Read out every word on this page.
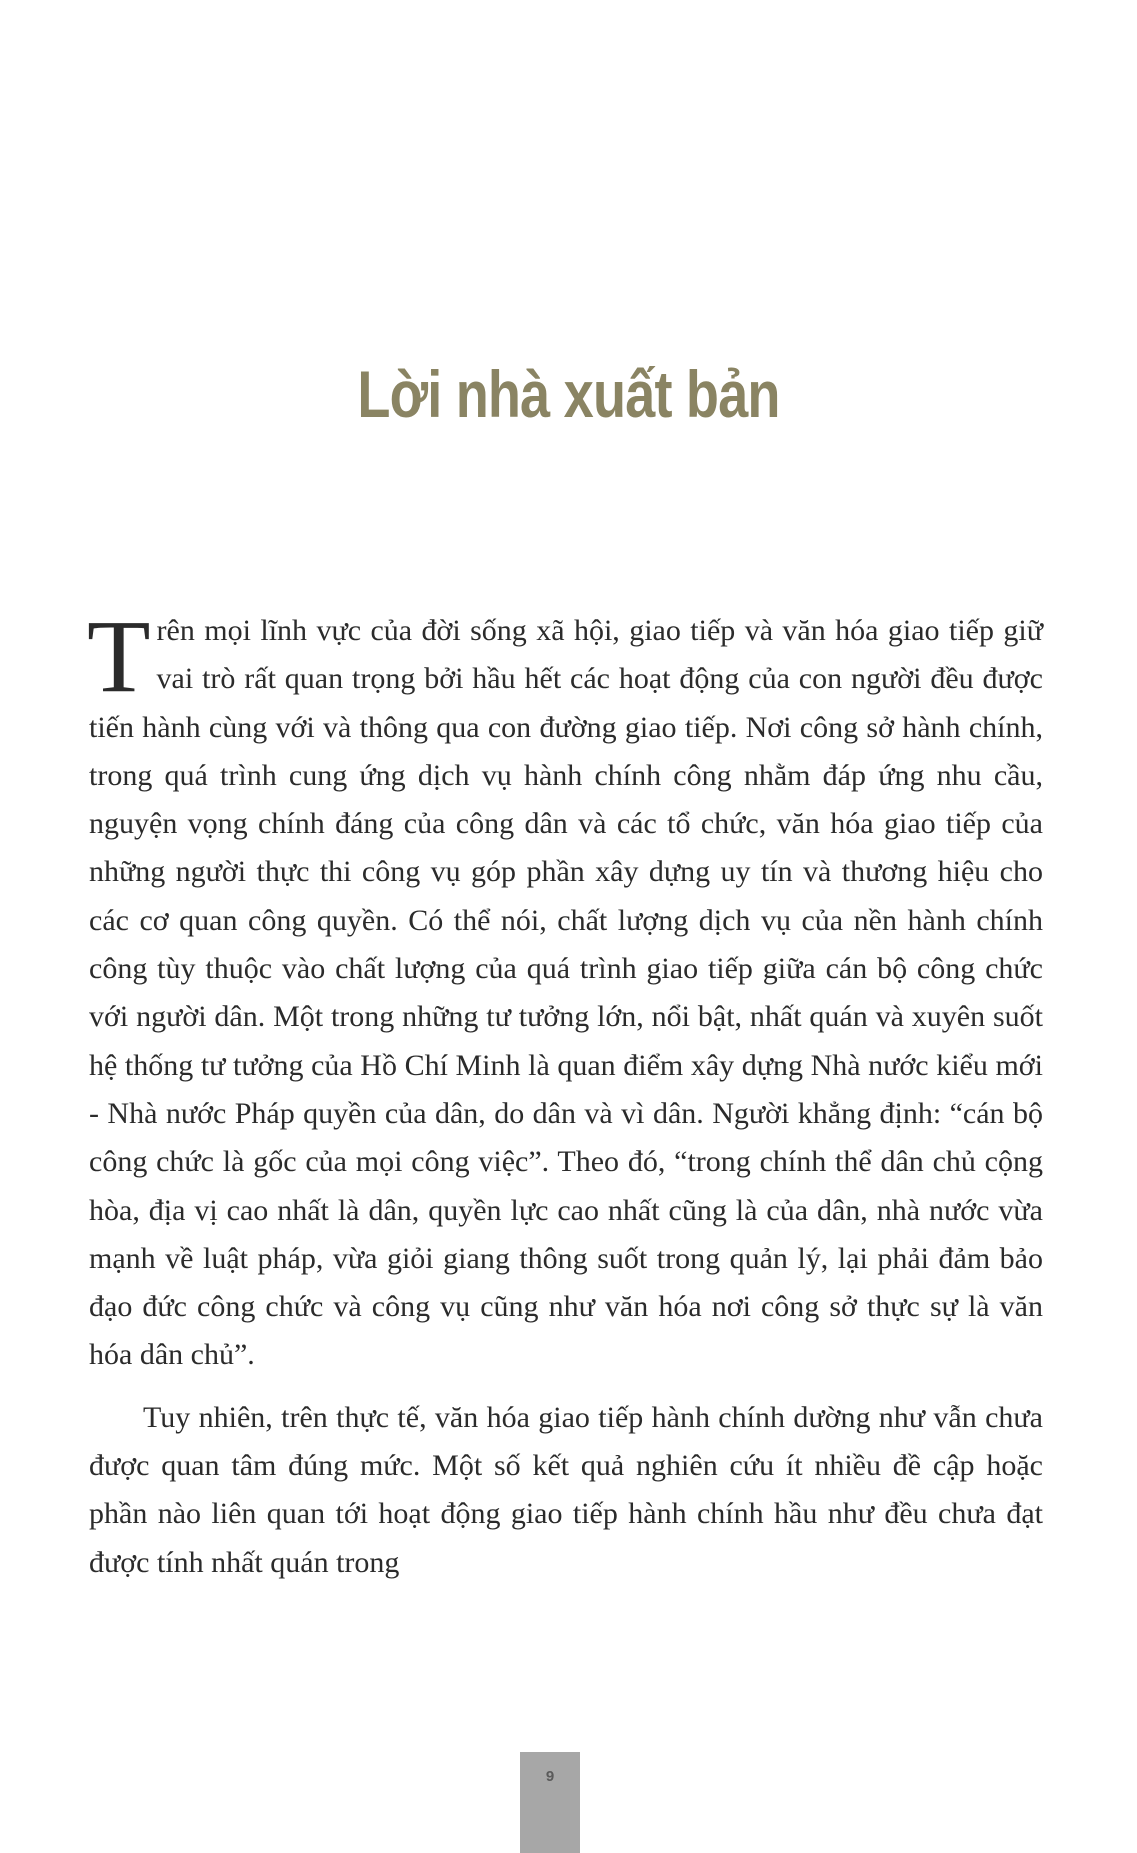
Lời nhà xuất bản

Trên mọi lĩnh vực của đời sống xã hội, giao tiếp và văn hóa giao tiếp giữ vai trò rất quan trọng bởi hầu hết các hoạt động của con người đều được tiến hành cùng với và thông qua con đường giao tiếp. Nơi công sở hành chính, trong quá trình cung ứng dịch vụ hành chính công nhằm đáp ứng nhu cầu, nguyện vọng chính đáng của công dân và các tổ chức, văn hóa giao tiếp của những người thực thi công vụ góp phần xây dựng uy tín và thương hiệu cho các cơ quan công quyền. Có thể nói, chất lượng dịch vụ của nền hành chính công tùy thuộc vào chất lượng của quá trình giao tiếp giữa cán bộ công chức với người dân. Một trong những tư tưởng lớn, nổi bật, nhất quán và xuyên suốt hệ thống tư tưởng của Hồ Chí Minh là quan điểm xây dựng Nhà nước kiểu mới - Nhà nước Pháp quyền của dân, do dân và vì dân. Người khẳng định: “cán bộ công chức là gốc của mọi công việc”. Theo đó, “trong chính thể dân chủ cộng hòa, địa vị cao nhất là dân, quyền lực cao nhất cũng là của dân, nhà nước vừa mạnh về luật pháp, vừa giỏi giang thông suốt trong quản lý, lại phải đảm bảo đạo đức công chức và công vụ cũng như văn hóa nơi công sở thực sự là văn hóa dân chủ”.

Tuy nhiên, trên thực tế, văn hóa giao tiếp hành chính dường như vẫn chưa được quan tâm đúng mức. Một số kết quả nghiên cứu ít nhiều đề cập hoặc phần nào liên quan tới hoạt động giao tiếp hành chính hầu như đều chưa đạt được tính nhất quán trong

9
